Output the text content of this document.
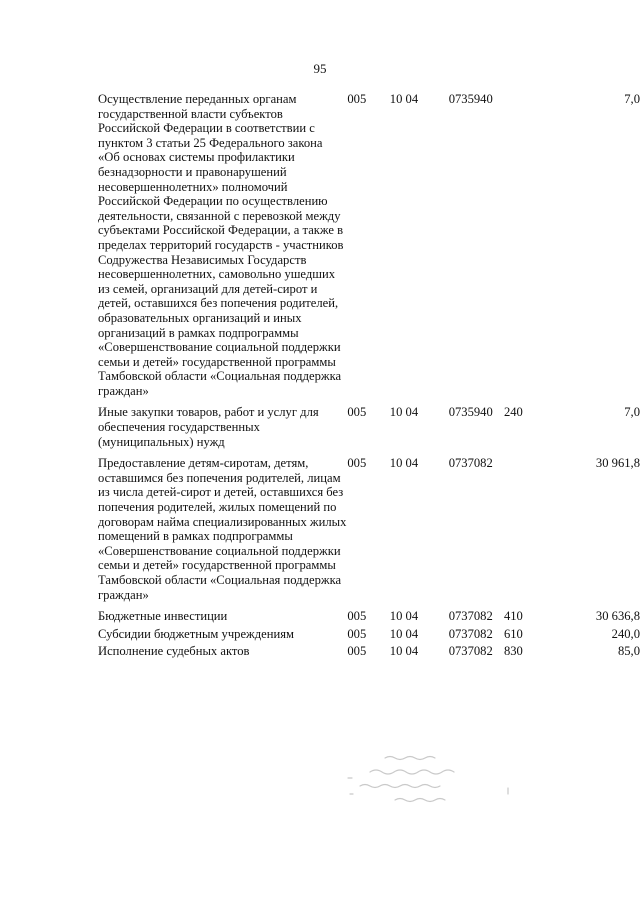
95
Осуществление переданных органам государственной власти субъектов Российской Федерации в соответствии с пунктом 3 статьи 25 Федерального закона «Об основах системы профилактики безнадзорности и правонарушений несовершеннолетних» полномочий Российской Федерации по осуществлению деятельности, связанной с перевозкой между субъектами Российской Федерации, а также в пределах территорий государств - участников Содружества Независимых Государств несовершеннолетних, самовольно ушедших из семей, организаций для детей-сирот и детей, оставшихся без попечения родителей, образовательных организаций и иных организаций в рамках подпрограммы «Совершенствование социальной поддержки семьи и детей» государственной программы Тамбовской области «Социальная поддержка граждан»	005	10 04	0735940		7,0
Иные закупки товаров, работ и услуг для обеспечения государственных (муниципальных) нужд	005	10 04	0735940	240	7,0
Предоставление детям-сиротам, детям, оставшимся без попечения родителей, лицам из числа детей-сирот и детей, оставшихся без попечения родителей, жилых помещений по договорам найма специализированных жилых помещений в рамках подпрограммы «Совершенствование социальной поддержки семьи и детей» государственной программы Тамбовской области «Социальная поддержка граждан»	005	10 04	0737082		30 961,8
Бюджетные инвестиции	005	10 04	0737082	410	30 636,8
Субсидии бюджетным учреждениям	005	10 04	0737082	610	240,0
Исполнение судебных актов	005	10 04	0737082	830	85,0
